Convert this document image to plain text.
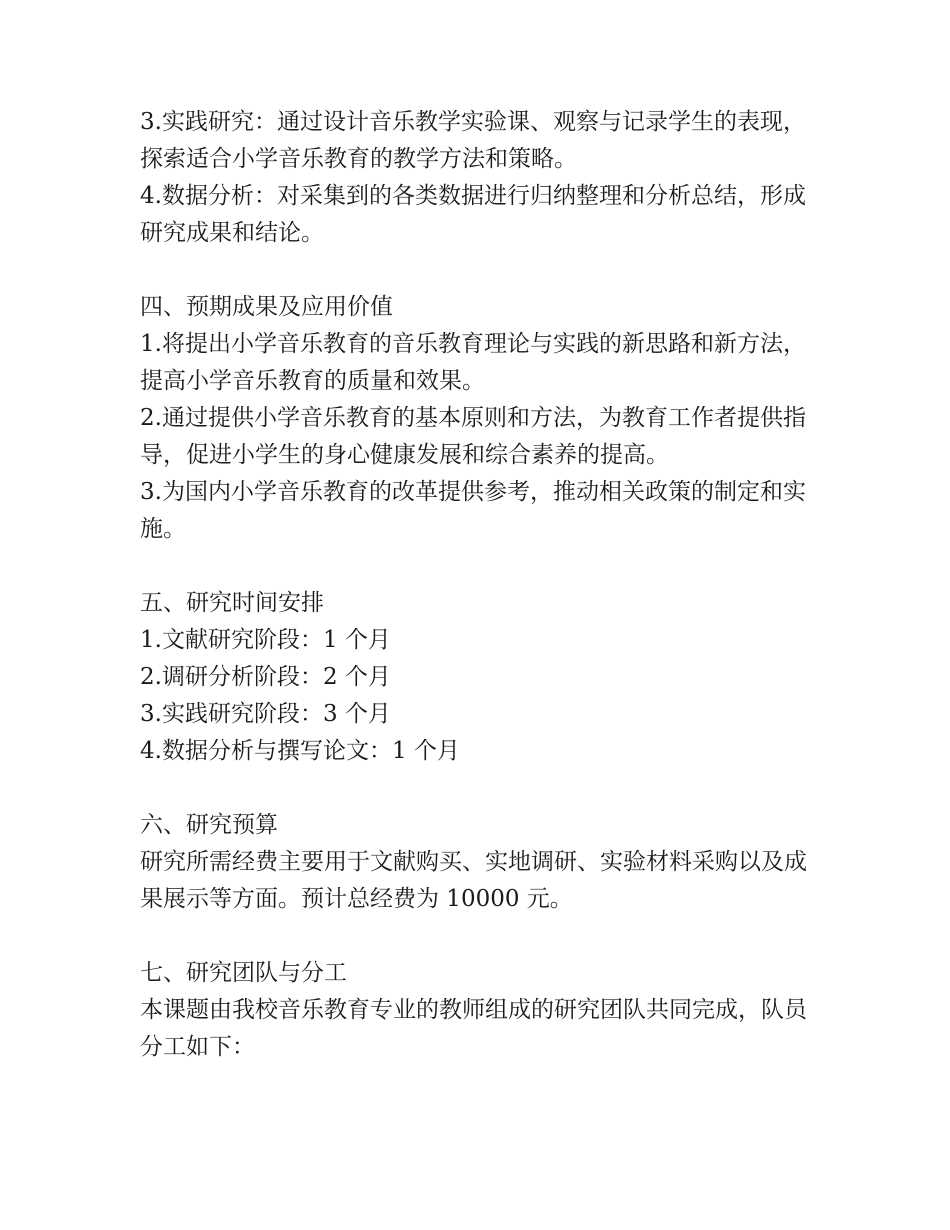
3.实践研究：通过设计音乐教学实验课、观察与记录学生的表现，探索适合小学音乐教育的教学方法和策略。

4.数据分析：对采集到的各类数据进行归纳整理和分析总结，形成研究成果和结论。

四、预期成果及应用价值

1.将提出小学音乐教育的音乐教育理论与实践的新思路和新方法，提高小学音乐教育的质量和效果。

2.通过提供小学音乐教育的基本原则和方法，为教育工作者提供指导，促进小学生的身心健康发展和综合素养的提高。

3.为国内小学音乐教育的改革提供参考，推动相关政策的制定和实施。

五、研究时间安排

1.文献研究阶段：1 个月

2.调研分析阶段：2 个月

3.实践研究阶段：3 个月

4.数据分析与撰写论文：1 个月

六、研究预算

研究所需经费主要用于文献购买、实地调研、实验材料采购以及成果展示等方面。预计总经费为 10000 元。

七、研究团队与分工

本课题由我校音乐教育专业的教师组成的研究团队共同完成，队员分工如下：
